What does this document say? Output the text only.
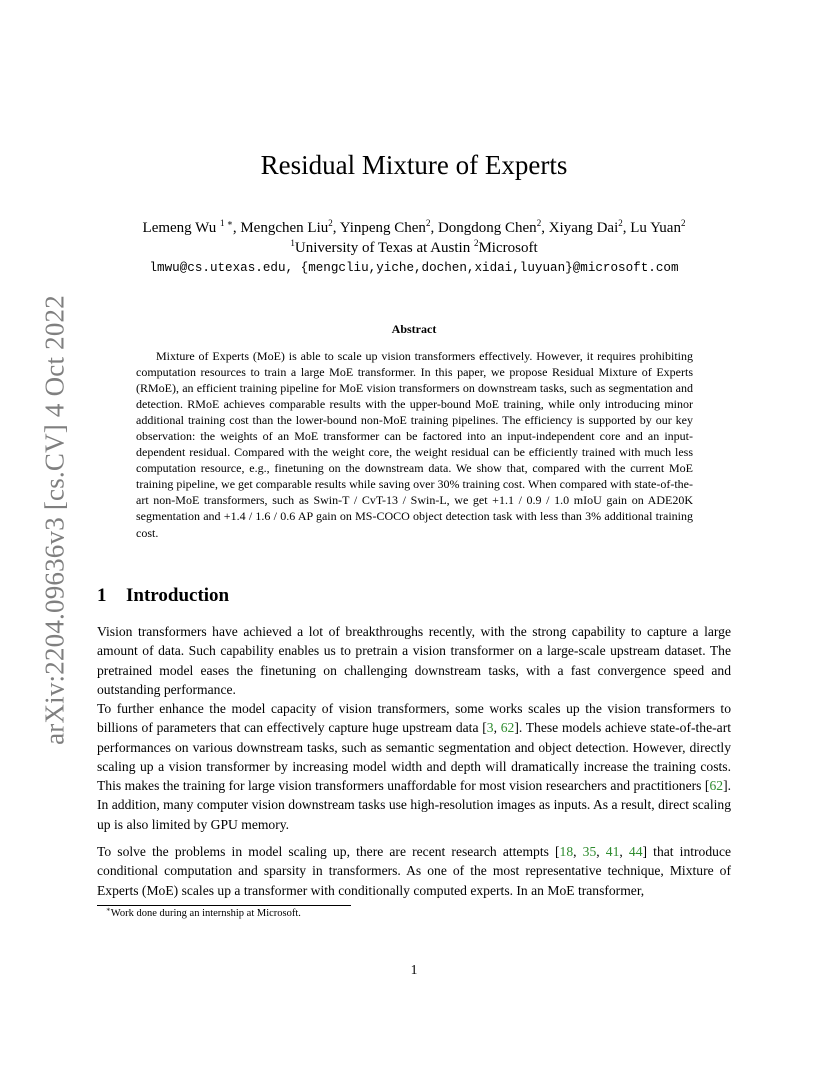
arXiv:2204.09636v3 [cs.CV] 4 Oct 2022
Residual Mixture of Experts
Lemeng Wu $^{1 ∗}$, Mengchen Liu$^2$, Yinpeng Chen$^2$, Dongdong Chen$^2$, Xiyang Dai$^2$, Lu Yuan$^2$
$^1$University of Texas at Austin $^2$Microsoft
lmwu@cs.utexas.edu, {mengcliu,yiche,dochen,xidai,luyuan}@microsoft.com
Abstract

Mixture of Experts (MoE) is able to scale up vision transformers effectively. However, it requires prohibiting computation resources to train a large MoE transformer. In this paper, we propose Residual Mixture of Experts (RMoE), an efficient training pipeline for MoE vision transformers on downstream tasks, such as segmentation and detection. RMoE achieves comparable results with the upper-bound MoE training, while only introducing minor additional training cost than the lower-bound non-MoE training pipelines. The efficiency is supported by our key observation: the weights of an MoE transformer can be factored into an input-independent core and an input-dependent residual. Compared with the weight core, the weight residual can be efficiently trained with much less computation resource, e.g., finetuning on the downstream data. We show that, compared with the current MoE training pipeline, we get comparable results while saving over 30% training cost. When compared with state-of-the-art non-MoE transformers, such as Swin-T / CvT-13 / Swin-L, we get +1.1 / 0.9 / 1.0 mIoU gain on ADE20K segmentation and +1.4 / 1.6 / 0.6 AP gain on MS-COCO object detection task with less than 3% additional training cost.

1 Introduction

Vision transformers have achieved a lot of breakthroughs recently, with the strong capability to capture a large amount of data. Such capability enables us to pretrain a vision transformer on a large-scale upstream dataset. The pretrained model eases the finetuning on challenging downstream tasks, with a fast convergence speed and outstanding performance.

To further enhance the model capacity of vision transformers, some works scales up the vision transformers to billions of parameters that can effectively capture huge upstream data [3, 62]. These models achieve state-of-the-art performances on various downstream tasks, such as semantic segmentation and object detection. However, directly scaling up a vision transformer by increasing model width and depth will dramatically increase the training costs. This makes the training for large vision transformers unaffordable for most vision researchers and practitioners [62]. In addition, many computer vision downstream tasks use high-resolution images as inputs. As a result, direct scaling up is also limited by GPU memory.

To solve the problems in model scaling up, there are recent research attempts [18, 35, 41, 44] that introduce conditional computation and sparsity in transformers. As one of the most representative technique, Mixture of Experts (MoE) scales up a transformer with conditionally computed experts. In an MoE transformer,

∗Work done during an internship at Microsoft.
1
